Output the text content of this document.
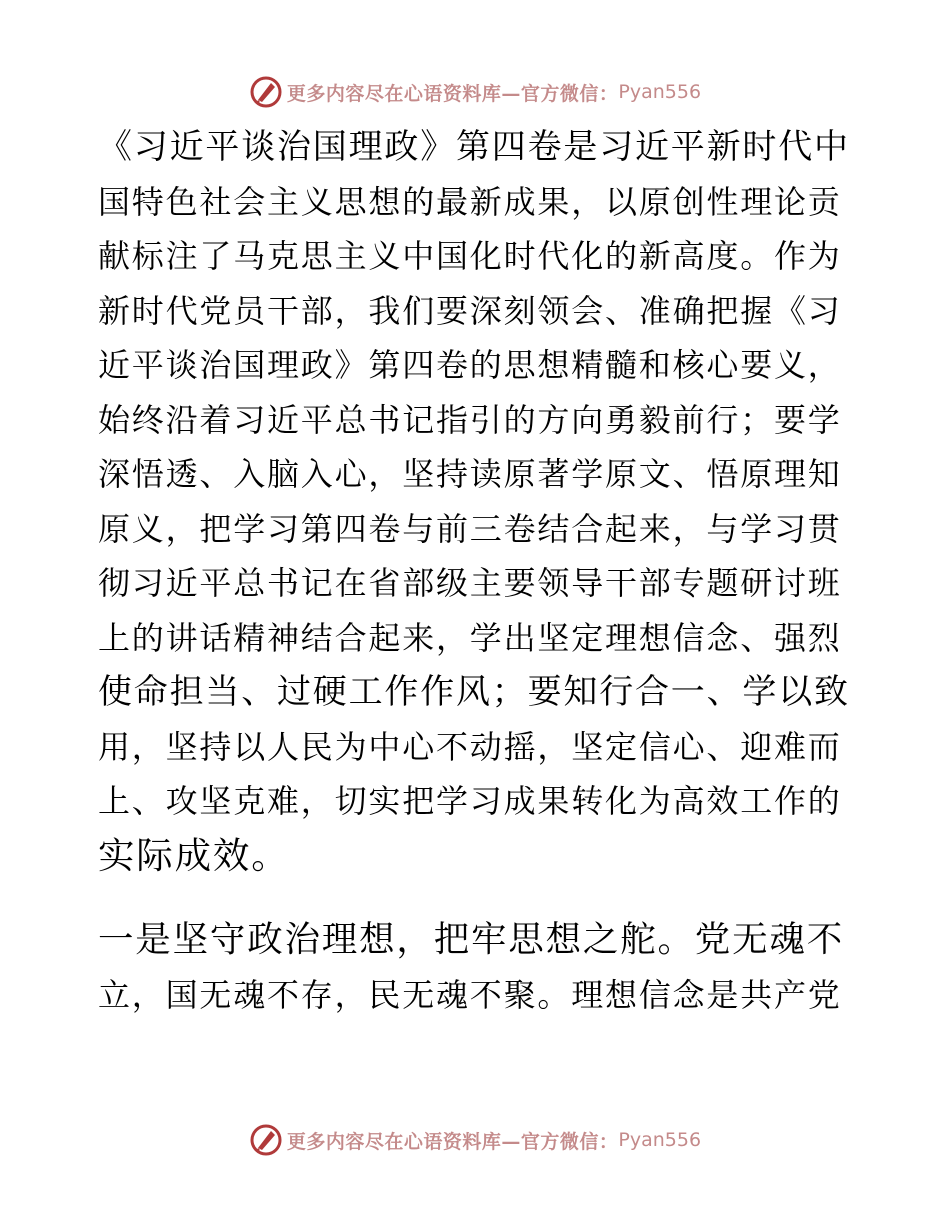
更多内容尽在心语资料库—官方微信： Pyan556

《习近平谈治国理政》第四卷是习近平新时代中
国特色社会主义思想的最新成果，以原创性理论贡
献标注了马克思主义中国化时代化的新高度。作为
新时代党员干部，我们要深刻领会、准确把握《习
近平谈治国理政》第四卷的思想精髓和核心要义，
始终沿着习近平总书记指引的方向勇毅前行；要学
深悟透、入脑入心，坚持读原著学原文、悟原理知
原义，把学习第四卷与前三卷结合起来，与学习贯
彻习近平总书记在省部级主要领导干部专题研讨班
上的讲话精神结合起来，学出坚定理想信念、强烈
使命担当、过硬工作作风；要知行合一、学以致
用，坚持以人民为中心不动摇，坚定信心、迎难而
上、攻坚克难，切实把学习成果转化为高效工作的
实际成效。

一是坚守政治理想，把牢思想之舵。党无魂不
立，国无魂不存，民无魂不聚。理想信念是共产党

更多内容尽在心语资料库—官方微信： Pyan556
